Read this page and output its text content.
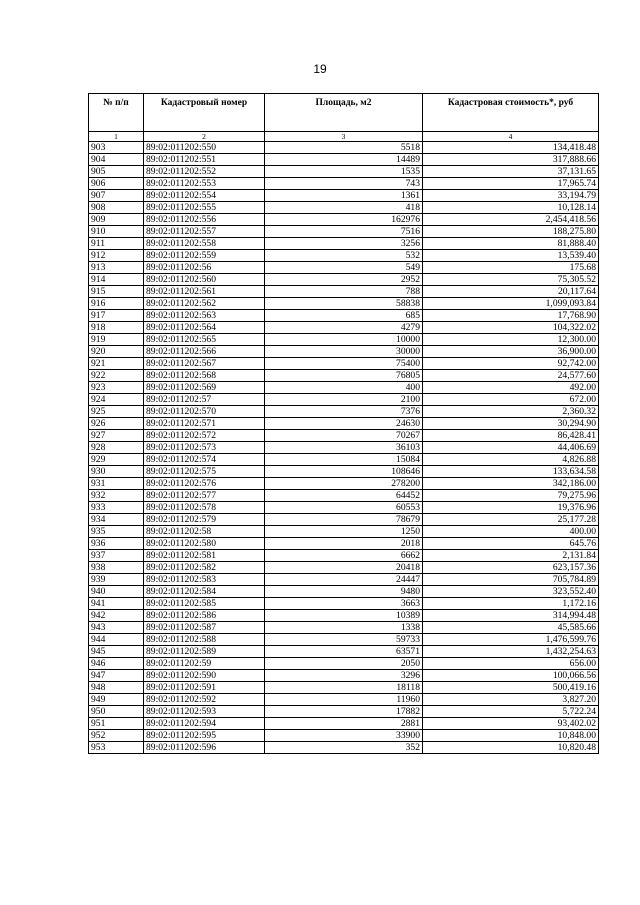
19
№ п/п	Кадастровый номер	Площадь, м2	Кадастровая стоимость*, руб
1	2	3	4
903	89:02:011202:550	5518	134,418.48
904	89:02:011202:551	14489	317,888.66
905	89:02:011202:552	1535	37,131.65
906	89:02:011202:553	743	17,965.74
907	89:02:011202:554	1361	33,194.79
908	89:02:011202:555	418	10,128.14
909	89:02:011202:556	162976	2,454,418.56
910	89:02:011202:557	7516	188,275.80
911	89:02:011202:558	3256	81,888.40
912	89:02:011202:559	532	13,539.40
913	89:02:011202:56	549	175.68
914	89:02:011202:560	2952	75,305.52
915	89:02:011202:561	788	20,117.64
916	89:02:011202:562	58838	1,099,093.84
917	89:02:011202:563	685	17,768.90
918	89:02:011202:564	4279	104,322.02
919	89:02:011202:565	10000	12,300.00
920	89:02:011202:566	30000	36,900.00
921	89:02:011202:567	75400	92,742.00
922	89:02:011202:568	76805	24,577.60
923	89:02:011202:569	400	492.00
924	89:02:011202:57	2100	672.00
925	89:02:011202:570	7376	2,360.32
926	89:02:011202:571	24630	30,294.90
927	89:02:011202:572	70267	86,428.41
928	89:02:011202:573	36103	44,406.69
929	89:02:011202:574	15084	4,826.88
930	89:02:011202:575	108646	133,634.58
931	89:02:011202:576	278200	342,186.00
932	89:02:011202:577	64452	79,275.96
933	89:02:011202:578	60553	19,376.96
934	89:02:011202:579	78679	25,177.28
935	89:02:011202:58	1250	400.00
936	89:02:011202:580	2018	645.76
937	89:02:011202:581	6662	2,131.84
938	89:02:011202:582	20418	623,157.36
939	89:02:011202:583	24447	705,784.89
940	89:02:011202:584	9480	323,552.40
941	89:02:011202:585	3663	1,172.16
942	89:02:011202:586	10389	314,994.48
943	89:02:011202:587	1338	45,585.66
944	89:02:011202:588	59733	1,476,599.76
945	89:02:011202:589	63571	1,432,254.63
946	89:02:011202:59	2050	656.00
947	89:02:011202:590	3296	100,066.56
948	89:02:011202:591	18118	500,419.16
949	89:02:011202:592	11960	3,827.20
950	89:02:011202:593	17882	5,722.24
951	89:02:011202:594	2881	93,402.02
952	89:02:011202:595	33900	10,848.00
953	89:02:011202:596	352	10,820.48
